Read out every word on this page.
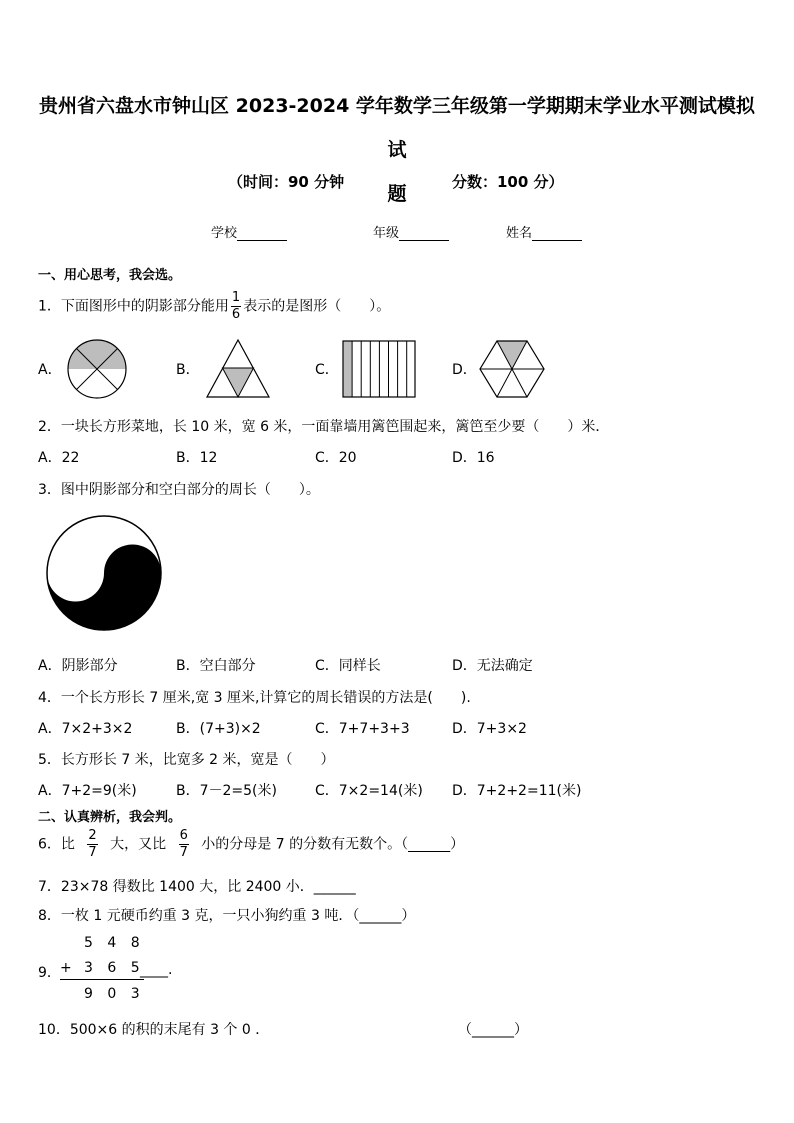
贵州省六盘水市钟山区 2023-2024 学年数学三年级第一学期期末学业水平测试模拟试
题
（时间：90 分钟	分数：100 分）
学校	年级	姓名
一、用心思考，我会选。
1．下面图形中的阴影部分能用 $\frac{1}{6}$ 表示的是图形（　　）。
A．	B．	C．	D．
2．一块长方形菜地，长 10 米，宽 6 米，一面靠墙用篱笆围起来，篱笆至少要（　　）米．
A．22	B．12	C．20	D．16
3．图中阴影部分和空白部分的周长（　　）。
A．阴影部分	B．空白部分	C．同样长	D．无法确定
4．一个长方形长 7 厘米,宽 3 厘米,计算它的周长错误的方法是(　　).
A．7×2+3×2	B．(7+3)×2	C．7+7+3+3	D．7+3×2
5．长方形长 7 米，比宽多 2 米，宽是（　　）
A．7+2=9(米)	B．7－2=5(米)	C．7×2=14(米) D．7+2+2=11(米)
二、认真辨析，我会判。
6．比 $\frac{2}{7}$ 大，又比 $\frac{6}{7}$ 小的分母是 7 的分数有无数个。（______）
7．23×78 得数比 1400 大，比 2400 小．______
8．一枚 1 元硬币约重 3 克，一只小狗约重 3 吨．（______）
9．
5 4 8
+ 3 6 5
____.
9 0 3
10．500×6 的积的末尾有 3 个 0 ．	（______）
